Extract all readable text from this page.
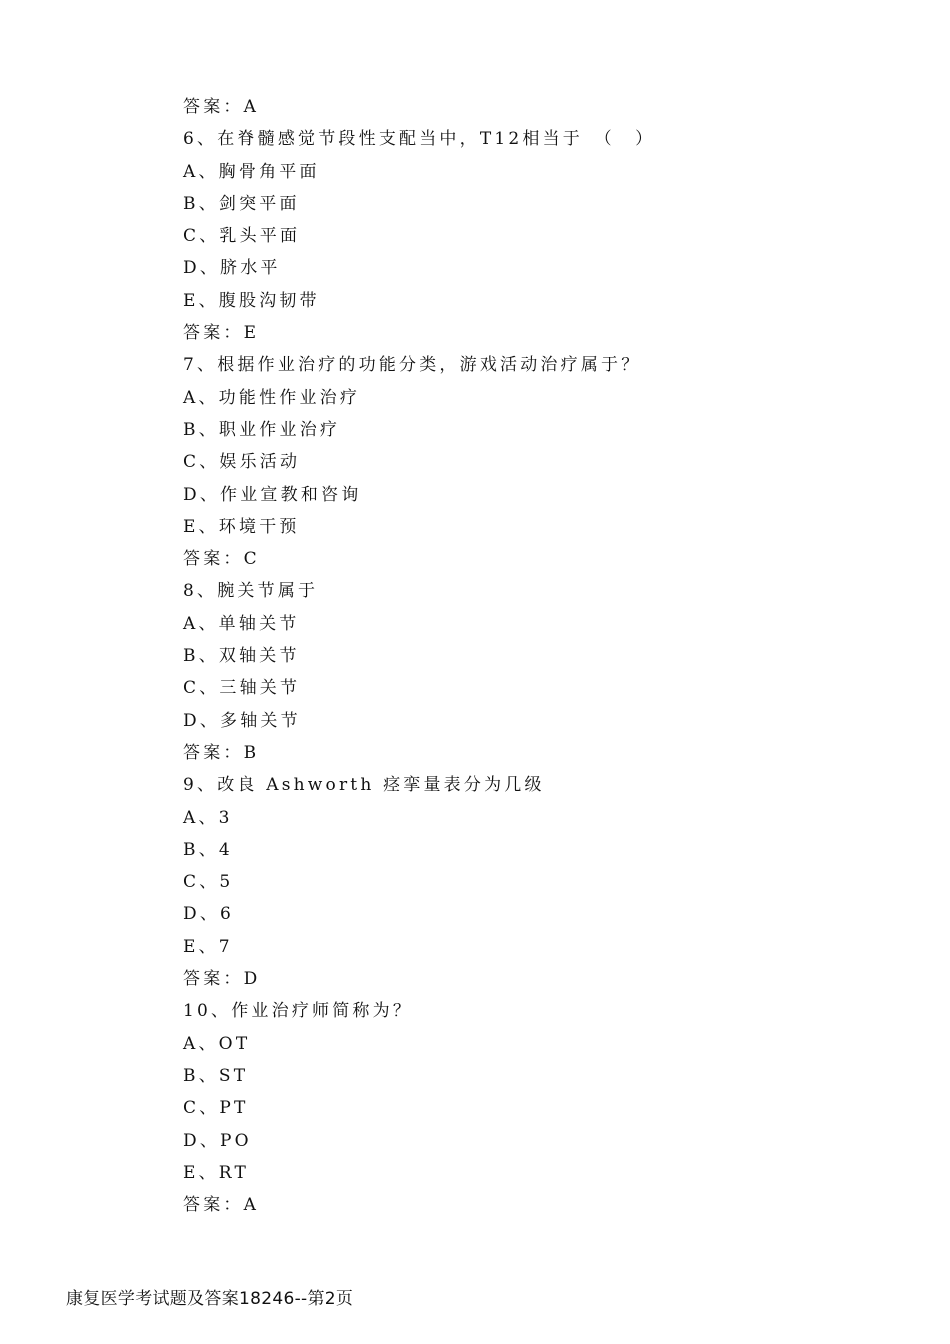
答案：A
6、在脊髓感觉节段性支配当中，T12相当于　（　）
A、胸骨角平面
B、剑突平面
C、乳头平面
D、脐水平
E、腹股沟韧带
答案：E
7、根据作业治疗的功能分类，游戏活动治疗属于？
A、功能性作业治疗
B、职业作业治疗
C、娱乐活动
D、作业宣教和咨询
E、环境干预
答案：C
8、腕关节属于
A、单轴关节
B、双轴关节
C、三轴关节
D、多轴关节
答案：B
9、改良 Ashworth 痉挛量表分为几级
A、3
B、4
C、5
D、6
E、7
答案：D
10、作业治疗师简称为？
A、OT
B、ST
C、PT
D、PO
E、RT
答案：A
康复医学考试题及答案18246--第2页
